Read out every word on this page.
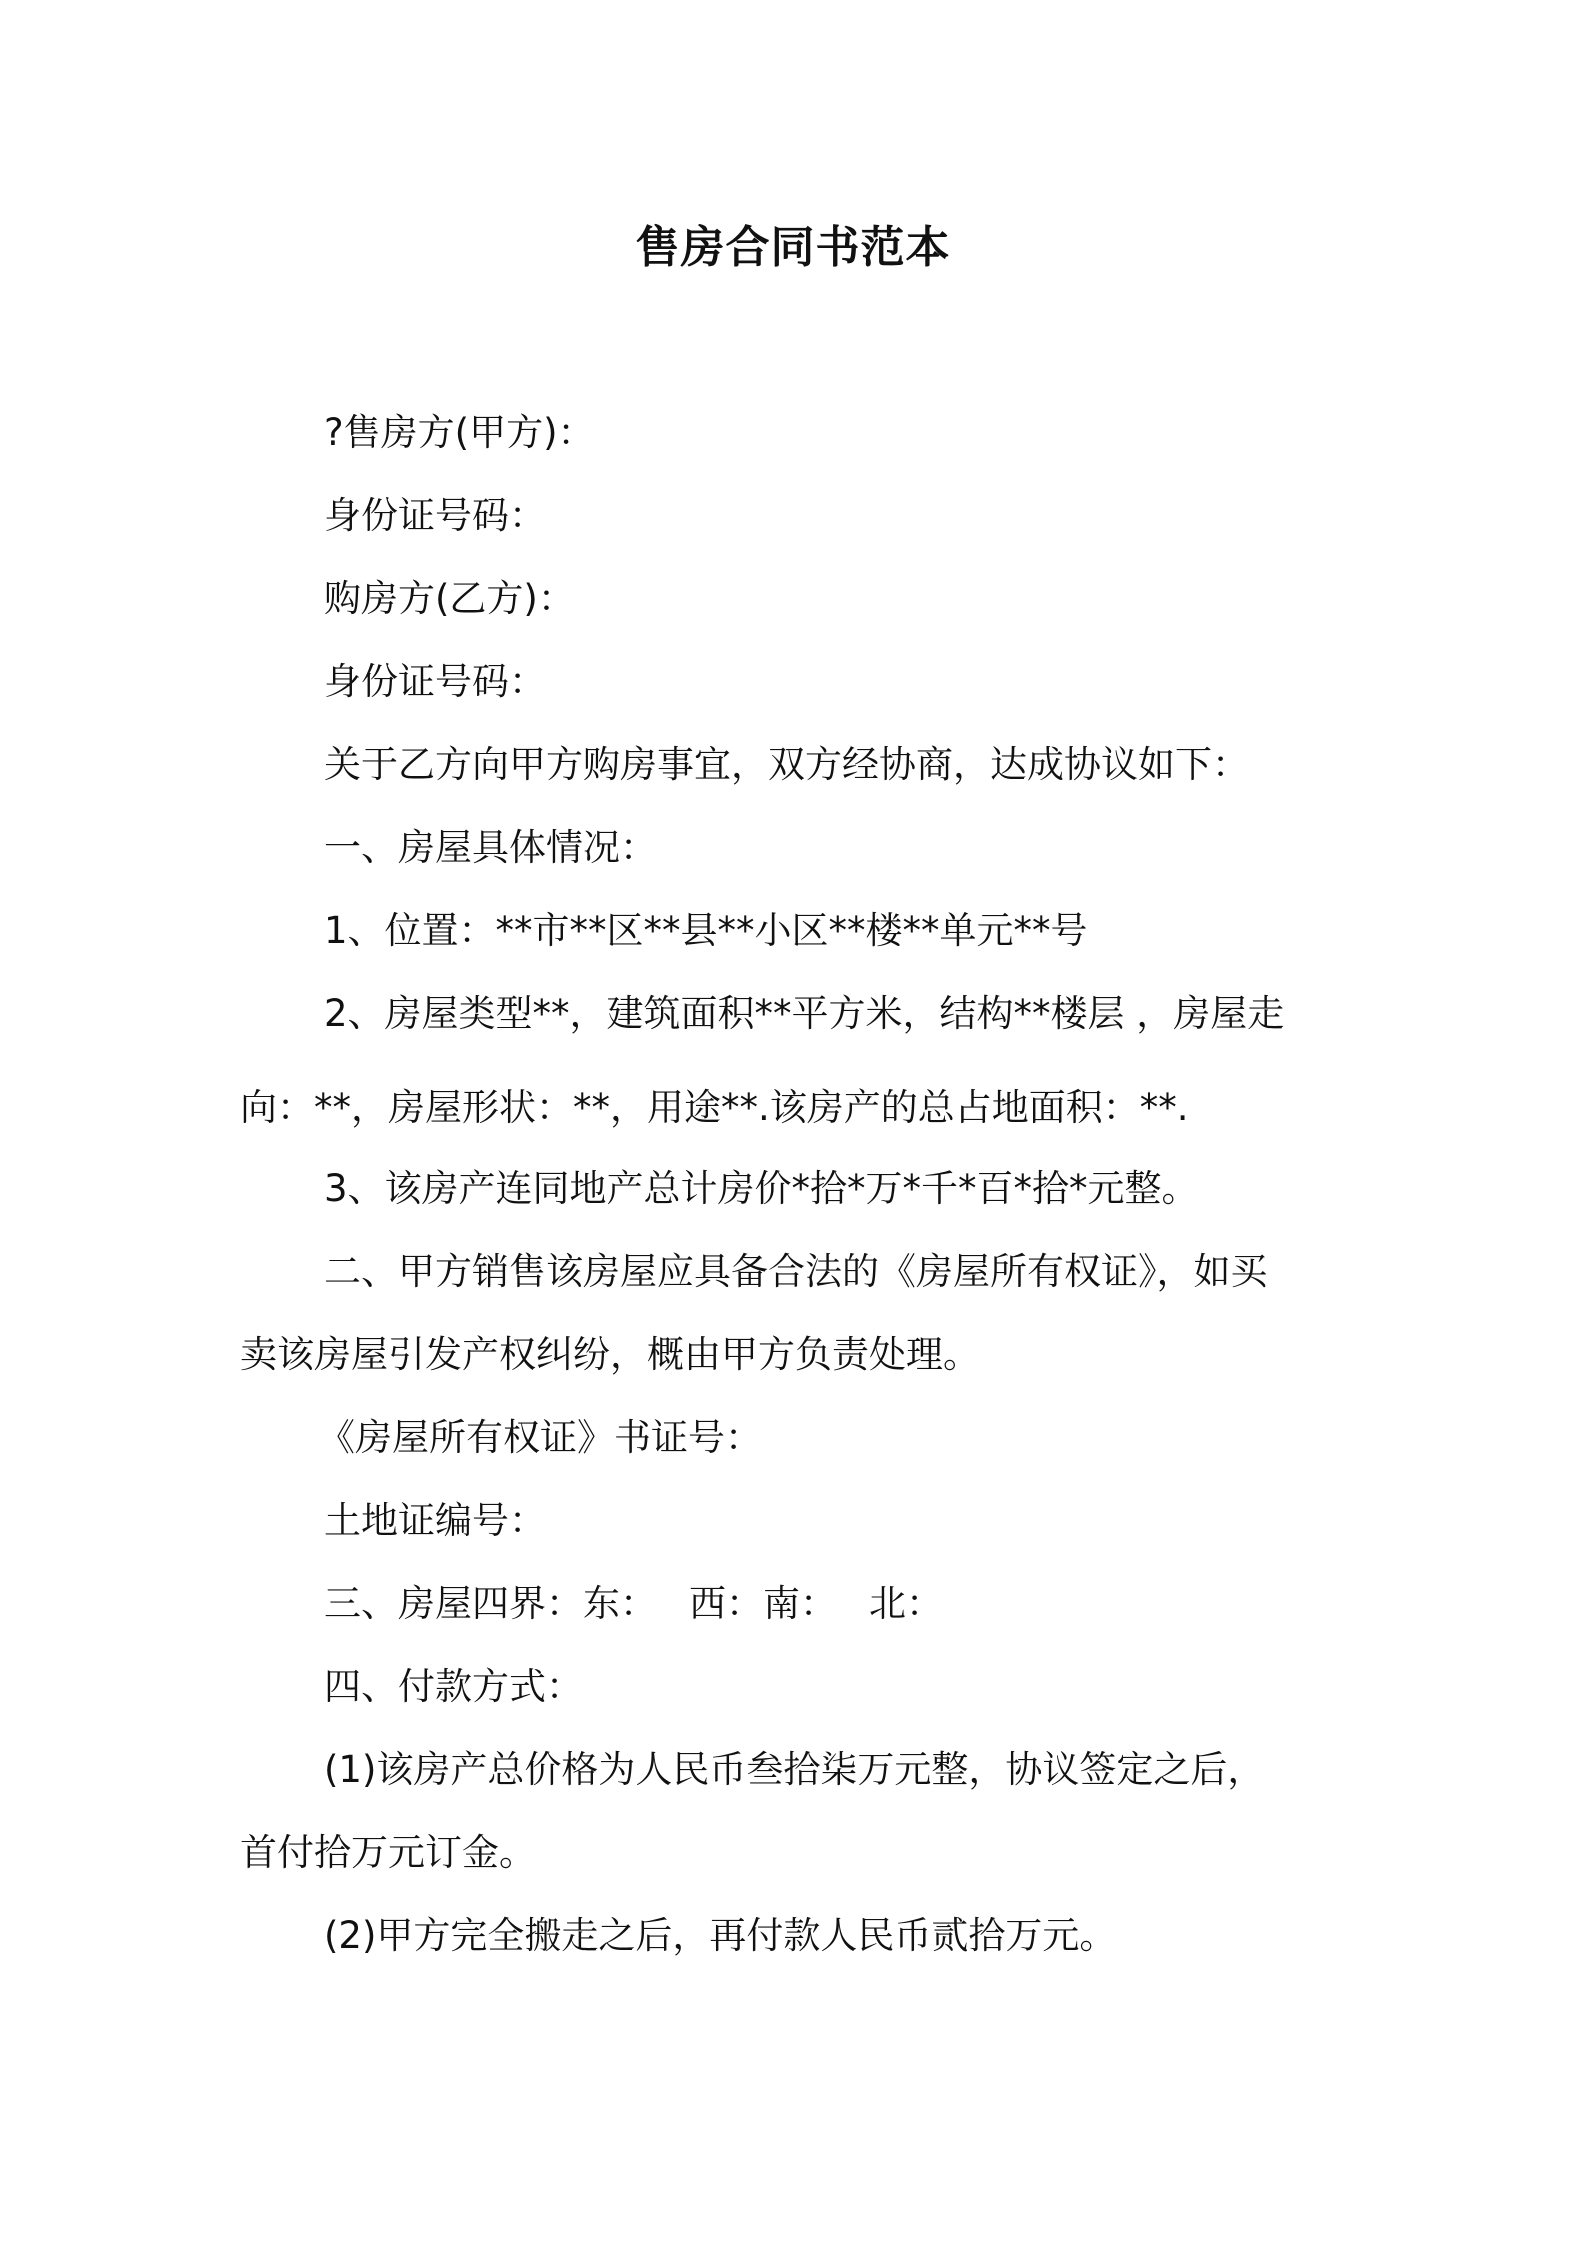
售房合同书范本
?售房方(甲方)：
身份证号码：
购房方(乙方)：
身份证号码：
关于乙方向甲方购房事宜，双方经协商，达成协议如下：
一、房屋具体情况：
1、位置：**市**区**县**小区**楼**单元**号
2、房屋类型**，建筑面积**平方米，结构**楼层 ，房屋走
向：**，房屋形状：**，用途**.该房产的总占地面积：**.
3、该房产连同地产总计房价*拾*万*千*百*拾*元整。
二、甲方销售该房屋应具备合法的《房屋所有权证》，如买
卖该房屋引发产权纠纷，概由甲方负责处理。
《房屋所有权证》书证号：
土地证编号：
三、房屋四界：东： 西：南： 北：
四、付款方式：
(1)该房产总价格为人民币叁拾柒万元整，协议签定之后，
首付拾万元订金。
(2)甲方完全搬走之后，再付款人民币贰拾万元。
